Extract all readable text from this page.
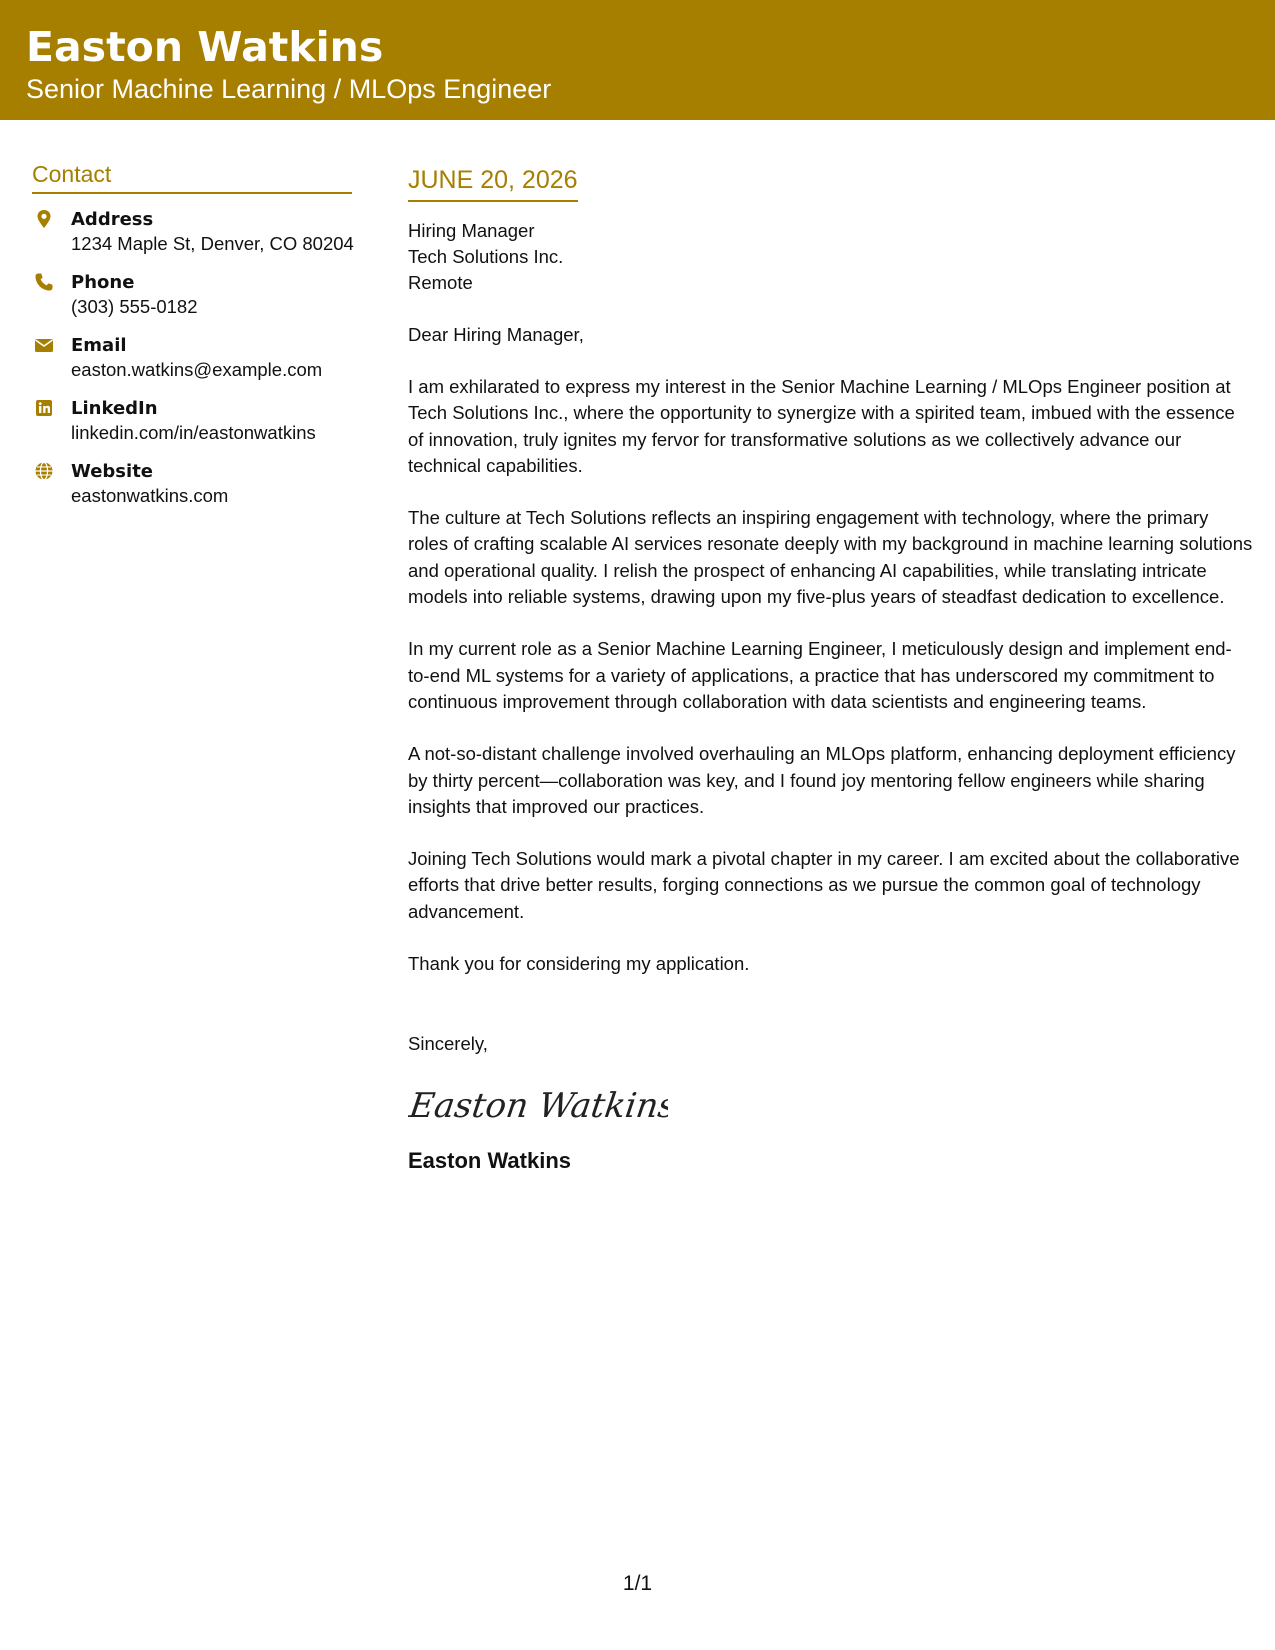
Easton Watkins
Senior Machine Learning / MLOps Engineer
Contact
Address
1234 Maple St, Denver, CO 80204
Phone
(303) 555-0182
Email
easton.watkins@example.com
LinkedIn
linkedin.com/in/eastonwatkins
Website
eastonwatkins.com
JUNE 20, 2026
Hiring Manager
Tech Solutions Inc.
Remote
Dear Hiring Manager,
I am exhilarated to express my interest in the Senior Machine Learning / MLOps Engineer position at Tech Solutions Inc., where the opportunity to synergize with a spirited team, imbued with the essence of innovation, truly ignites my fervor for transformative solutions as we collectively advance our technical capabilities.
The culture at Tech Solutions reflects an inspiring engagement with technology, where the primary roles of crafting scalable AI services resonate deeply with my background in machine learning solutions and operational quality. I relish the prospect of enhancing AI capabilities, while translating intricate models into reliable systems, drawing upon my five-plus years of steadfast dedication to excellence.
In my current role as a Senior Machine Learning Engineer, I meticulously design and implement end-to-end ML systems for a variety of applications, a practice that has underscored my commitment to continuous improvement through collaboration with data scientists and engineering teams.
A not-so-distant challenge involved overhauling an MLOps platform, enhancing deployment efficiency by thirty percent—collaboration was key, and I found joy mentoring fellow engineers while sharing insights that improved our practices.
Joining Tech Solutions would mark a pivotal chapter in my career. I am excited about the collaborative efforts that drive better results, forging connections as we pursue the common goal of technology advancement.
Thank you for considering my application.
Sincerely,
Easton Watkins
Easton Watkins
1/1
